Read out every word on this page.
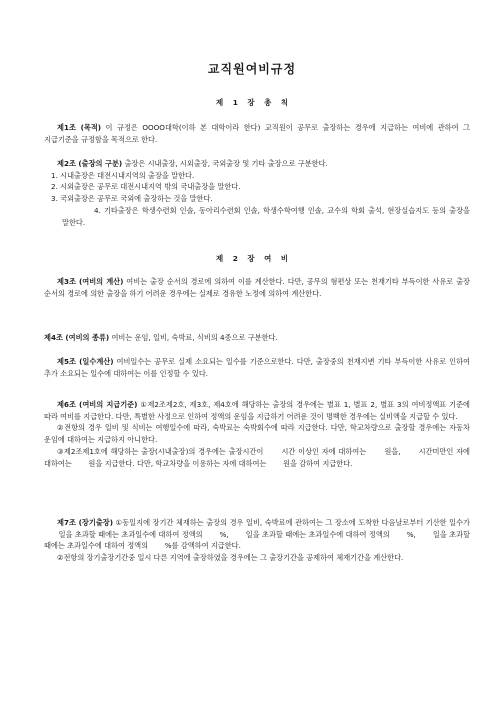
교직원여비규정
제 1 장 총 칙
제1조 (목적) 이 규정은 OOOO대학(이하 본 대학이라 한다) 교직원이 공무로 출장하는 경우에 지급하는 여비에 관하여 그 지급기준을 규정함을 목적으로 한다.
제2조 (출장의 구분) 출장은 시내출장, 시외출장, 국외출장 및 기타 출장으로 구분한다.
1. 시내출장은 대전시내지역의 출장을 말한다.
2. 시외출장은 공무로 대전시내지역 밖의 국내출장을 말한다.
3. 국외출장은 공무로 국외에 출장하는 것을 말한다.
4. 기타출장은 학생수련회 인솔, 동아리수련회 인솔, 학생수학여행 인솔, 교수의 학회 출석, 현장실습지도 등의 출장을 말한다.
제 2 장 여 비
제3조 (여비의 계산) 여비는 출장 순서의 경로에 의하여 이를 계산한다. 다만, 공무의 형편상 또는 천재기타 부득이한 사유로 출장 순서의 경로에 의한 출장을 하기 어려운 경우에는 실제로 경유한 노정에 의하여 계산한다.
제4조 (여비의 종류) 여비는 운임, 일비, 숙박료, 식비의 4종으로 구분한다.
제5조 (일수계산) 여비일수는 공무로 실제 소요되는 일수를 기준으로한다. 다만, 출장중의 천재지변 기타 부득이한 사유로 인하여 추가 소요되는 일수에 대하여는 이를 인정할 수 있다.
제6조 (여비의 지급기준) ①제2조제2호, 제3호, 제4호에 해당하는 출장의 경우에는 별표 1, 별표 2, 별표 3의 여비정액표 기준에 따라 여비를 지급한다. 다만, 특별한 사정으로 인하여 정액의 운임을 지급하기 어려운 것이 명백한 경우에는 실비액을 지급할 수 있다.
②전항의 경우 일비 및 식비는 여행일수에 따라, 숙박료는 숙박회수에 따라 지급한다. 다만, 학교차량으로 출장할 경우에는 자동차 운임에 대하여는 지급하지 아니한다.
③제2조제1호에 해당하는 출장(시내출장)의 경우에는 출장시간이 　　시간 이상인 자에 대하여는 　　원을, 　　시간미만인 자에 대하여는 　　원을 지급한다. 다만, 학교차량을 이용하는 자에 대하여는 　　원을 감하여 지급한다.
제7조 (장기출장) ①동일지에 장기간 체재하는 출장의 경우 일비, 숙박료에 관하여는 그 장소에 도착한 다음날로부터 기산한 일수가 　　일을 초과할 때에는 초과일수에 대하여 정액의 　　%, 　　일을 초과할 때에는 초과일수에 대하여 정액의 　　%, 　　일을 초과할 때에는 초과일수에 대하여 정액의 　　%를 감액하여 지급한다.
②전항의 장기출장기간중 일시 다른 지역에 출장하였을 경우에는 그 출장기간을 공제하여 체재기간을 계산한다.
